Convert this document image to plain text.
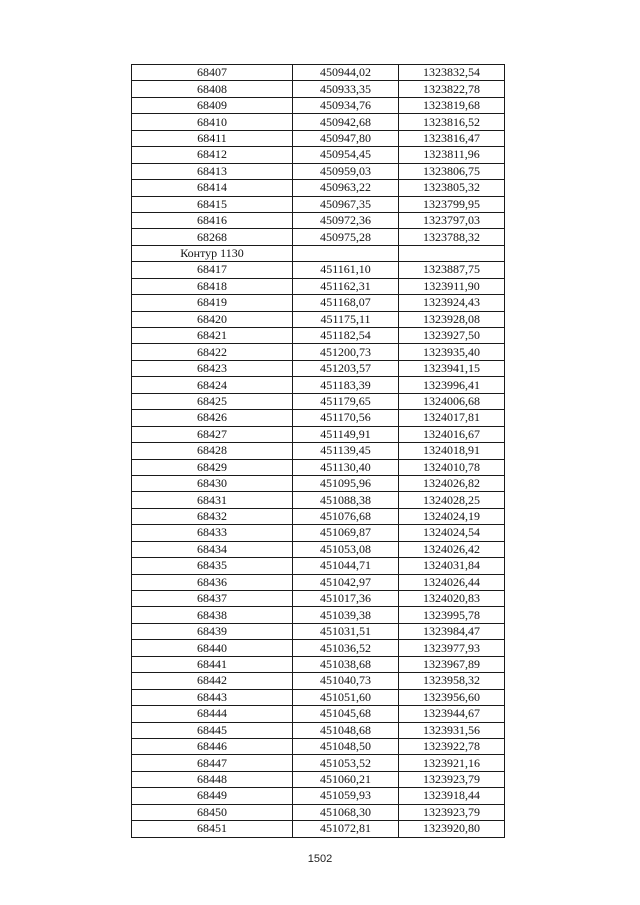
68407	450944,02	1323832,54
68408	450933,35	1323822,78
68409	450934,76	1323819,68
68410	450942,68	1323816,52
68411	450947,80	1323816,47
68412	450954,45	1323811,96
68413	450959,03	1323806,75
68414	450963,22	1323805,32
68415	450967,35	1323799,95
68416	450972,36	1323797,03
68268	450975,28	1323788,32
Контур 1130		
68417	451161,10	1323887,75
68418	451162,31	1323911,90
68419	451168,07	1323924,43
68420	451175,11	1323928,08
68421	451182,54	1323927,50
68422	451200,73	1323935,40
68423	451203,57	1323941,15
68424	451183,39	1323996,41
68425	451179,65	1324006,68
68426	451170,56	1324017,81
68427	451149,91	1324016,67
68428	451139,45	1324018,91
68429	451130,40	1324010,78
68430	451095,96	1324026,82
68431	451088,38	1324028,25
68432	451076,68	1324024,19
68433	451069,87	1324024,54
68434	451053,08	1324026,42
68435	451044,71	1324031,84
68436	451042,97	1324026,44
68437	451017,36	1324020,83
68438	451039,38	1323995,78
68439	451031,51	1323984,47
68440	451036,52	1323977,93
68441	451038,68	1323967,89
68442	451040,73	1323958,32
68443	451051,60	1323956,60
68444	451045,68	1323944,67
68445	451048,68	1323931,56
68446	451048,50	1323922,78
68447	451053,52	1323921,16
68448	451060,21	1323923,79
68449	451059,93	1323918,44
68450	451068,30	1323923,79
68451	451072,81	1323920,80
1502
